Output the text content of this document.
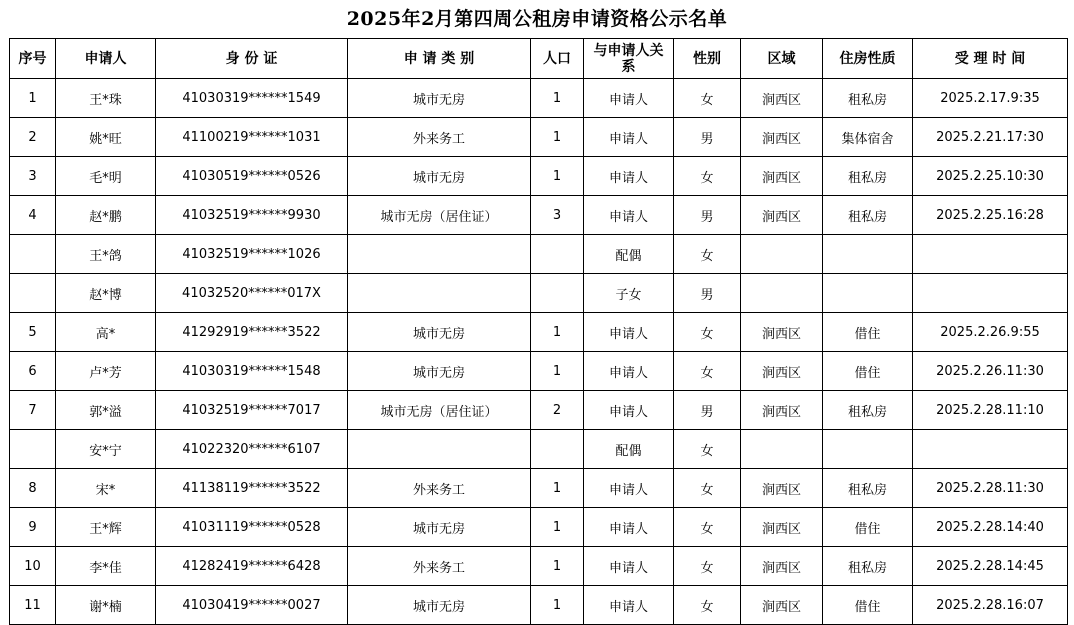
2025年2月第四周公租房申请资格公示名单
序号	申请人	身 份 证	申 请 类 别	人口	与申请人关系	性别	区域	住房性质	受 理 时 间
1	王*珠	41030319******1549	城市无房	1	申请人	女	涧西区	租私房	2025.2.17.9:35
2	姚*旺	41100219******1031	外来务工	1	申请人	男	涧西区	集体宿舍	2025.2.21.17:30
3	毛*明	41030519******0526	城市无房	1	申请人	女	涧西区	租私房	2025.2.25.10:30
4	赵*鹏	41032519******9930	城市无房（居住证）	3	申请人	男	涧西区	租私房	2025.2.25.16:28
	王*鸽	41032519******1026			配偶	女			
	赵*博	41032520******017X			子女	男			
5	高*	41292919******3522	城市无房	1	申请人	女	涧西区	借住	2025.2.26.9:55
6	卢*芳	41030319******1548	城市无房	1	申请人	女	涧西区	借住	2025.2.26.11:30
7	郭*溢	41032519******7017	城市无房（居住证）	2	申请人	男	涧西区	租私房	2025.2.28.11:10
	安*宁	41022320******6107			配偶	女			
8	宋*	41138119******3522	外来务工	1	申请人	女	涧西区	租私房	2025.2.28.11:30
9	王*辉	41031119******0528	城市无房	1	申请人	女	涧西区	借住	2025.2.28.14:40
10	李*佳	41282419******6428	外来务工	1	申请人	女	涧西区	租私房	2025.2.28.14:45
11	谢*楠	41030419******0027	城市无房	1	申请人	女	涧西区	借住	2025.2.28.16:07
